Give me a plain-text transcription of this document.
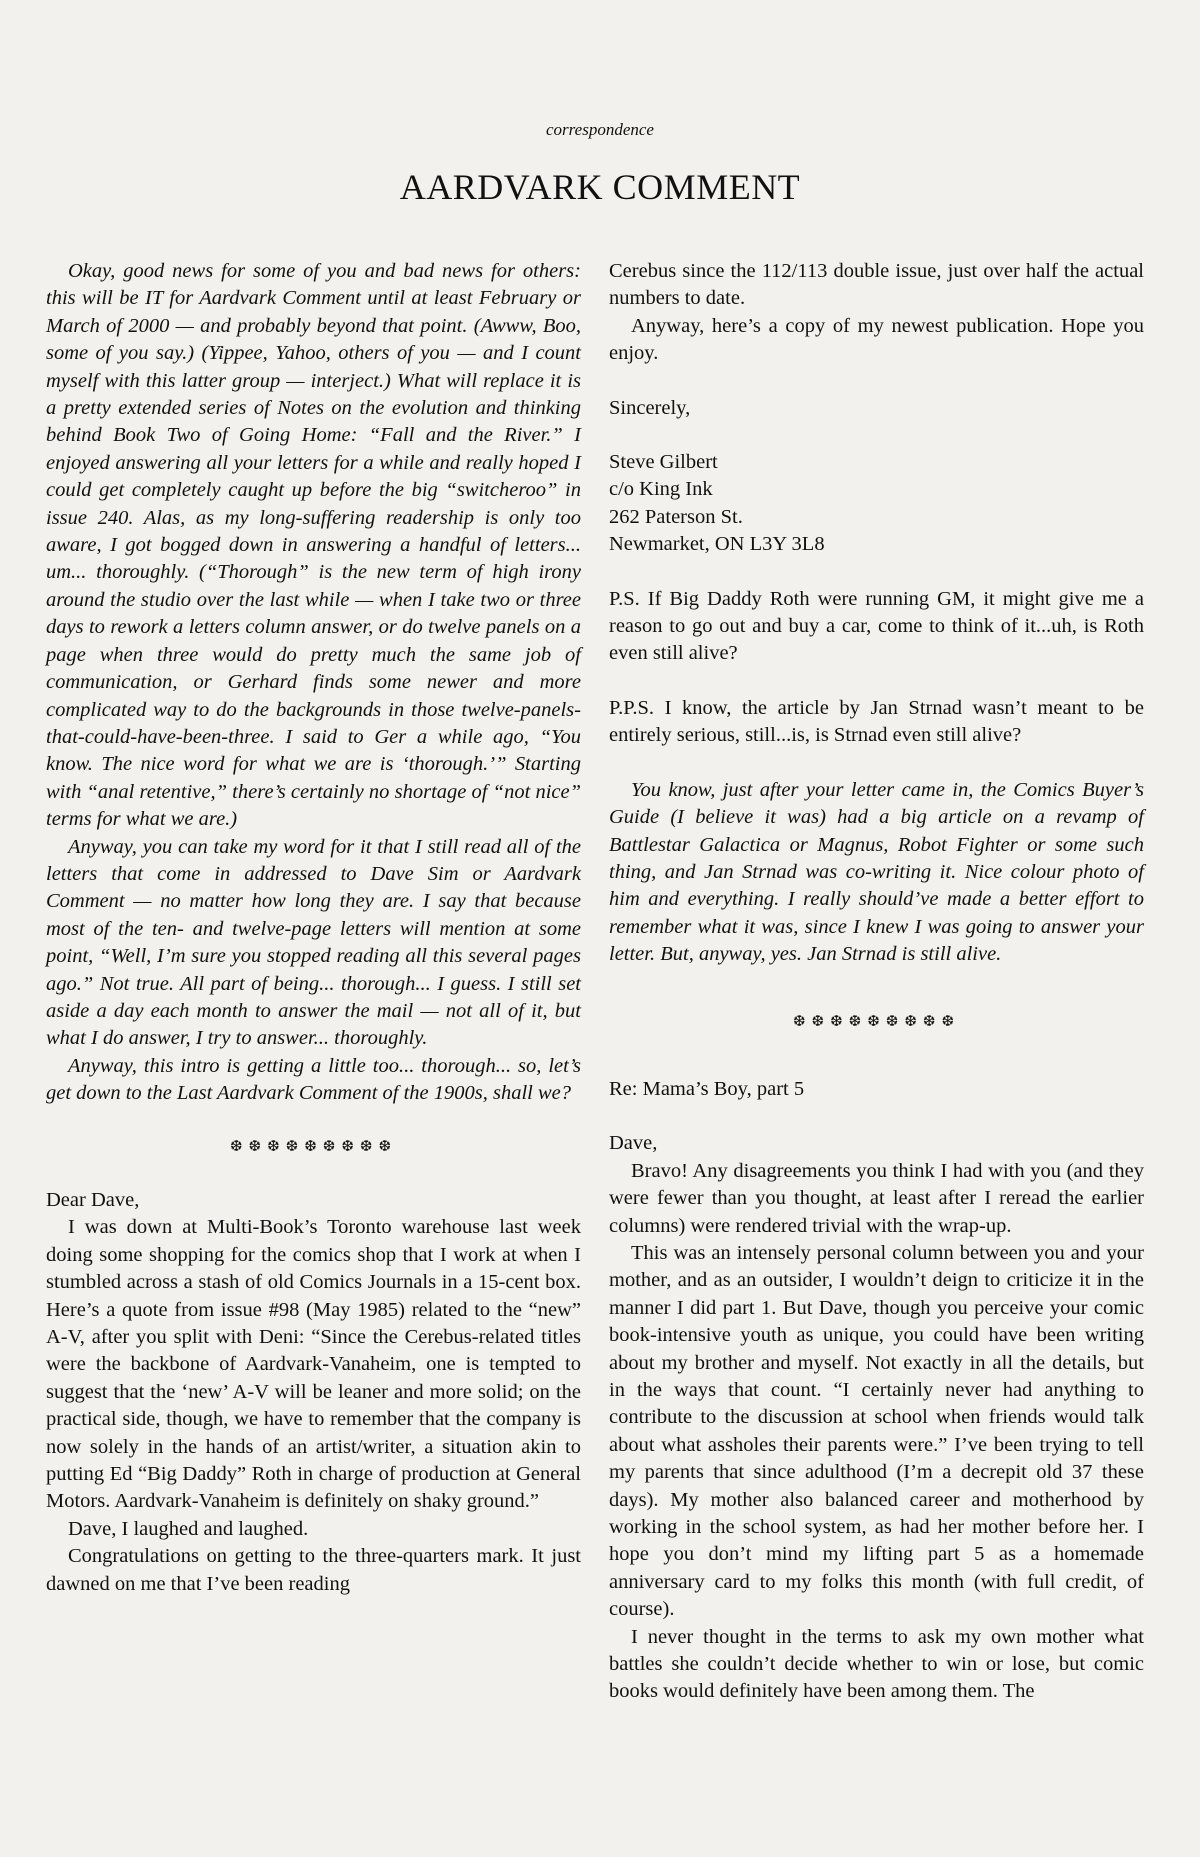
correspondence
AARDVARK COMMENT

Okay, good news for some of you and bad news for others: this will be IT for Aardvark Comment until at least February or March of 2000 — and probably beyond that point. (Awww, Boo, some of you say.) (Yippee, Yahoo, others of you — and I count myself with this latter group — interject.) What will replace it is a pretty extended series of Notes on the evolution and thinking behind Book Two of Going Home: “Fall and the River.” I enjoyed answering all your letters for a while and really hoped I could get completely caught up before the big “switcheroo” in issue 240. Alas, as my long-suffering readership is only too aware, I got bogged down in answering a handful of letters... um... thoroughly. (“Thorough” is the new term of high irony around the studio over the last while — when I take two or three days to rework a letters column answer, or do twelve panels on a page when three would do pretty much the same job of communication, or Gerhard finds some newer and more complicated way to do the backgrounds in those twelve-panels-that-could-have-been-three. I said to Ger a while ago, “You know. The nice word for what we are is ‘thorough.’” Starting with “anal retentive,” there’s certainly no shortage of “not nice” terms for what we are.)

Anyway, you can take my word for it that I still read all of the letters that come in addressed to Dave Sim or Aardvark Comment — no matter how long they are. I say that because most of the ten- and twelve-page letters will mention at some point, “Well, I’m sure you stopped reading all this several pages ago.” Not true. All part of being... thorough... I guess. I still set aside a day each month to answer the mail — not all of it, but what I do answer, I try to answer... thoroughly.

Anyway, this intro is getting a little too... thorough... so, let’s get down to the Last Aardvark Comment of the 1900s, shall we?

❆❆❆❆❆❆❆❆❆

Dear Dave,

I was down at Multi-Book’s Toronto warehouse last week doing some shopping for the comics shop that I work at when I stumbled across a stash of old Comics Journals in a 15-cent box. Here’s a quote from issue #98 (May 1985) related to the “new” A-V, after you split with Deni: “Since the Cerebus-related titles were the backbone of Aardvark-Vanaheim, one is tempted to suggest that the ‘new’ A-V will be leaner and more solid; on the practical side, though, we have to remember that the company is now solely in the hands of an artist/writer, a situation akin to putting Ed “Big Daddy” Roth in charge of production at General Motors. Aardvark-Vanaheim is definitely on shaky ground.”

Dave, I laughed and laughed.

Congratulations on getting to the three-quarters mark. It just dawned on me that I’ve been reading

Cerebus since the 112/113 double issue, just over half the actual numbers to date.

Anyway, here’s a copy of my newest publication. Hope you enjoy.

Sincerely,

Steve Gilbert

c/o King Ink

262 Paterson St.

Newmarket, ON L3Y 3L8

P.S. If Big Daddy Roth were running GM, it might give me a reason to go out and buy a car, come to think of it...uh, is Roth even still alive?

P.P.S. I know, the article by Jan Strnad wasn’t meant to be entirely serious, still...is, is Strnad even still alive?

You know, just after your letter came in, the Comics Buyer’s Guide (I believe it was) had a big article on a revamp of Battlestar Galactica or Magnus, Robot Fighter or some such thing, and Jan Strnad was co-writing it. Nice colour photo of him and everything. I really should’ve made a better effort to remember what it was, since I knew I was going to answer your letter. But, anyway, yes. Jan Strnad is still alive.

❆❆❆❆❆❆❆❆❆

Re: Mama’s Boy, part 5

Dave,

Bravo! Any disagreements you think I had with you (and they were fewer than you thought, at least after I reread the earlier columns) were rendered trivial with the wrap-up.

This was an intensely personal column between you and your mother, and as an outsider, I wouldn’t deign to criticize it in the manner I did part 1. But Dave, though you perceive your comic book-intensive youth as unique, you could have been writing about my brother and myself. Not exactly in all the details, but in the ways that count. “I certainly never had anything to contribute to the discussion at school when friends would talk about what assholes their parents were.” I’ve been trying to tell my parents that since adulthood (I’m a decrepit old 37 these days). My mother also balanced career and motherhood by working in the school system, as had her mother before her. I hope you don’t mind my lifting part 5 as a homemade anniversary card to my folks this month (with full credit, of course).

I never thought in the terms to ask my own mother what battles she couldn’t decide whether to win or lose, but comic books would definitely have been among them. The
